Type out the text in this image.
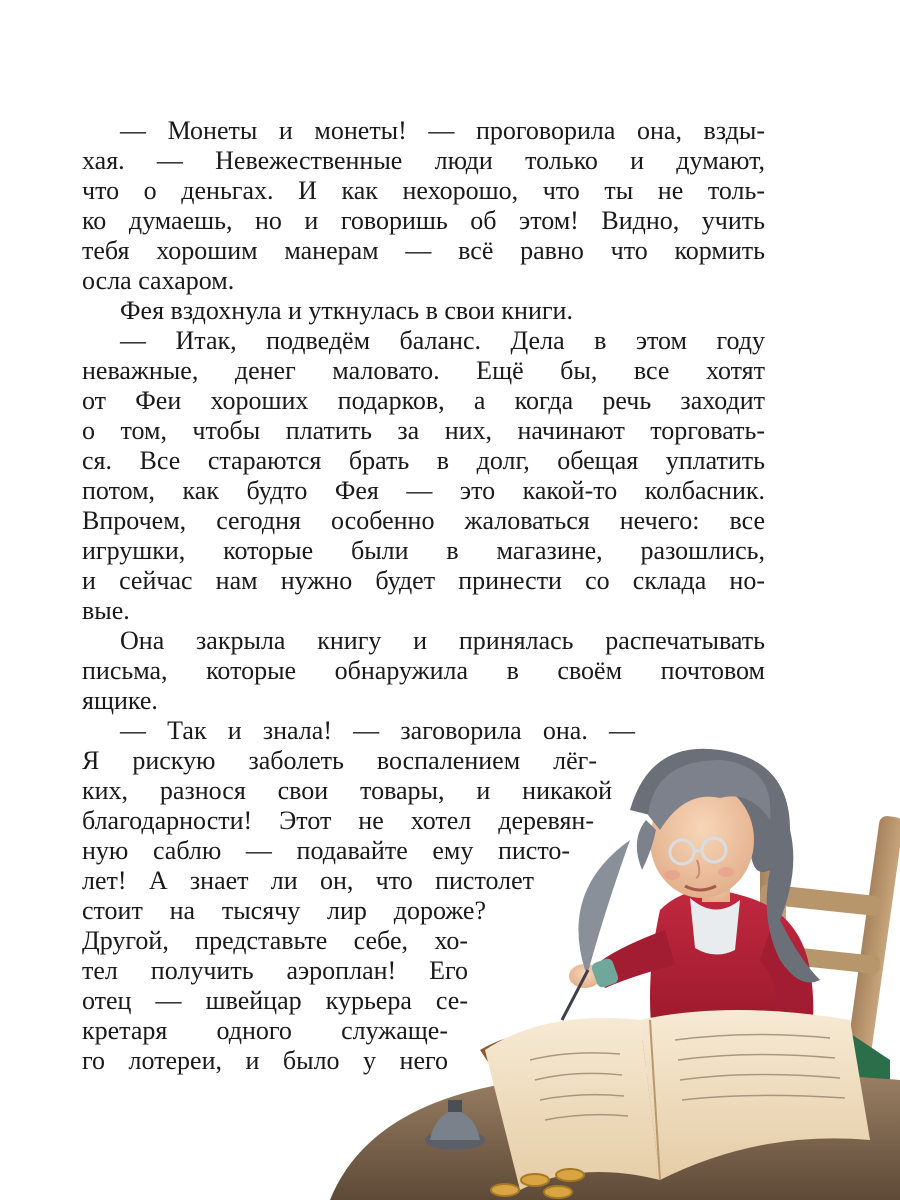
— Монеты и монеты! — проговорила она, взды-
хая. — Невежественные люди только и думают,
что о деньгах. И как нехорошо, что ты не толь-
ко думаешь, но и говоришь об этом! Видно, учить
тебя хорошим манерам — всё равно что кормить
осла сахаром.
Фея вздохнула и уткнулась в свои книги.
— Итак, подведём баланс. Дела в этом году
неважные, денег маловато. Ещё бы, все хотят
от Феи хороших подарков, а когда речь заходит
о том, чтобы платить за них, начинают торговать-
ся. Все стараются брать в долг, обещая уплатить
потом, как будто Фея — это какой-то колбасник.
Впрочем, сегодня особенно жаловаться нечего: все
игрушки, которые были в магазине, разошлись,
и сейчас нам нужно будет принести со склада но-
вые.
Она закрыла книгу и принялась распечатывать
письма, которые обнаружила в своём почтовом
ящике.
— Так и знала! — заговорила она. —
Я рискую заболеть воспалением лёг-
ких, разнося свои товары, и никакой
благодарности! Этот не хотел деревян-
ную саблю — подавайте ему писто-
лет! А знает ли он, что пистолет
стоит на тысячу лир дороже?
Другой, представьте себе, хо-
тел получить аэроплан! Его
отец — швейцар курьера се-
кретаря одного служаще-
го лотереи, и было у него
